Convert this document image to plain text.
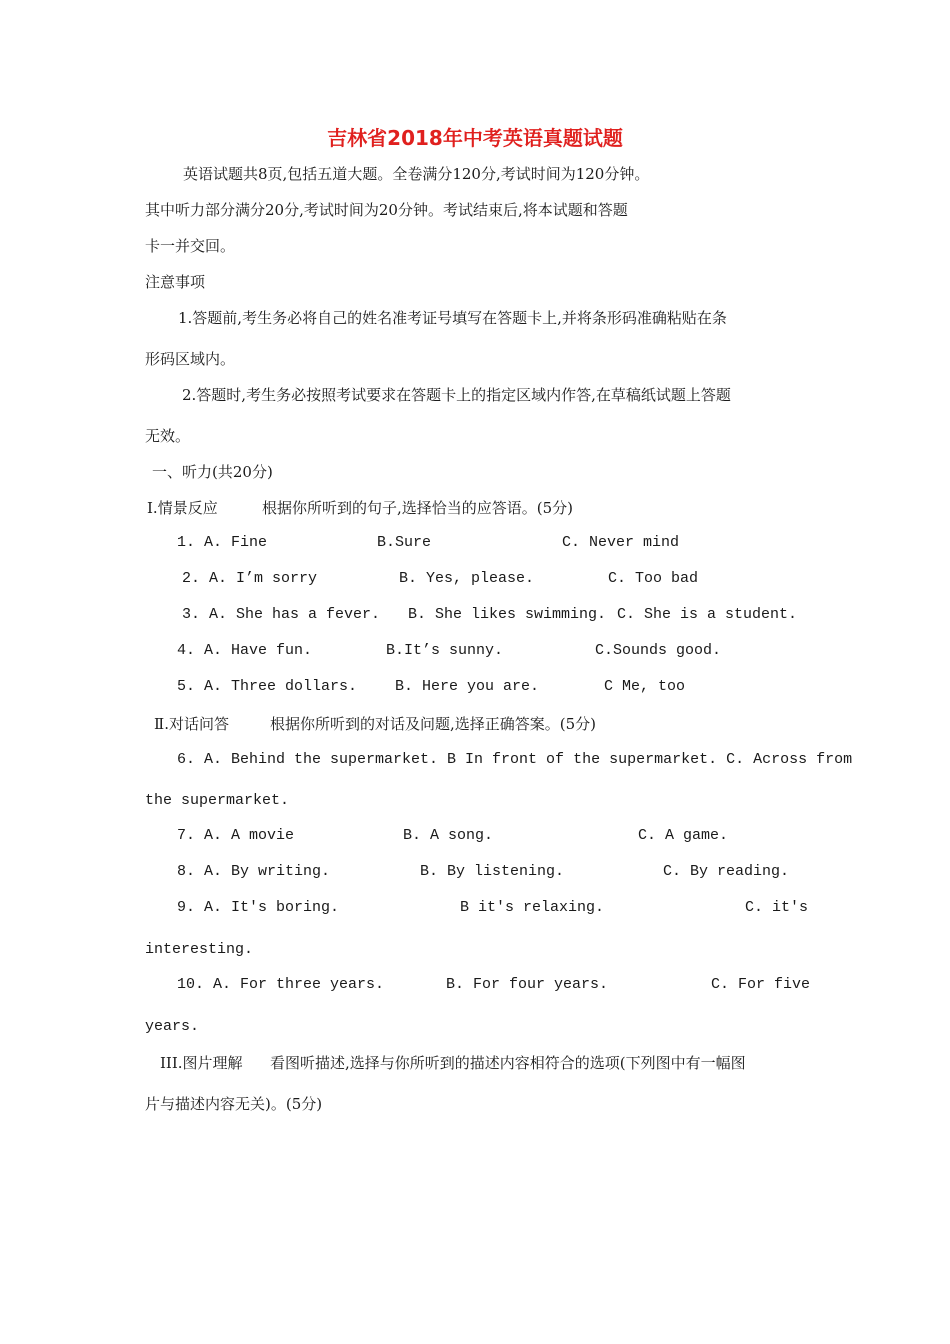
吉林省2018年中考英语真题试题
英语试题共8页,包括五道大题。全卷满分120分,考试时间为120分钟。
其中听力部分满分20分,考试时间为20分钟。考试结束后,将本试题和答题
卡一并交回。
注意事项
1.答题前,考生务必将自己的姓名准考证号填写在答题卡上,并将条形码准确粘贴在条
形码区域内。
2.答题时,考生务必按照考试要求在答题卡上的指定区域内作答,在草稿纸试题上答题
无效。
一、听力(共20分)
Ⅰ.情景反应	根据你所听到的句子,选择恰当的应答语。(5分)
1. A. Fine	B.Sure	C. Never mind
2. A. I’m sorry	B. Yes, please.	C. Too bad
3. A. She has a fever. B. She likes swimming. C. She is a student.
4. A. Have fun.	B.It’s sunny.	C.Sounds good.
5. A. Three dollars.	B. Here you are.	C Me, too
Ⅱ.对话问答	根据你所听到的对话及问题,选择正确答案。(5分)
6. A. Behind the supermarket. B In front of the supermarket. C. Across from
the supermarket.
7. A. A movie	B. A song.	C. A game.
8. A. By writing.	B. By listening.	C. By reading.
9. A. It's boring.	B it's relaxing.	C. it's
interesting.
10. A. For three years.	B. For four years.	C. For five
years.
III.图片理解 看图听描述,选择与你所听到的描述内容相符合的选项(下列图中有一幅图
片与描述内容无关)。(5分)
